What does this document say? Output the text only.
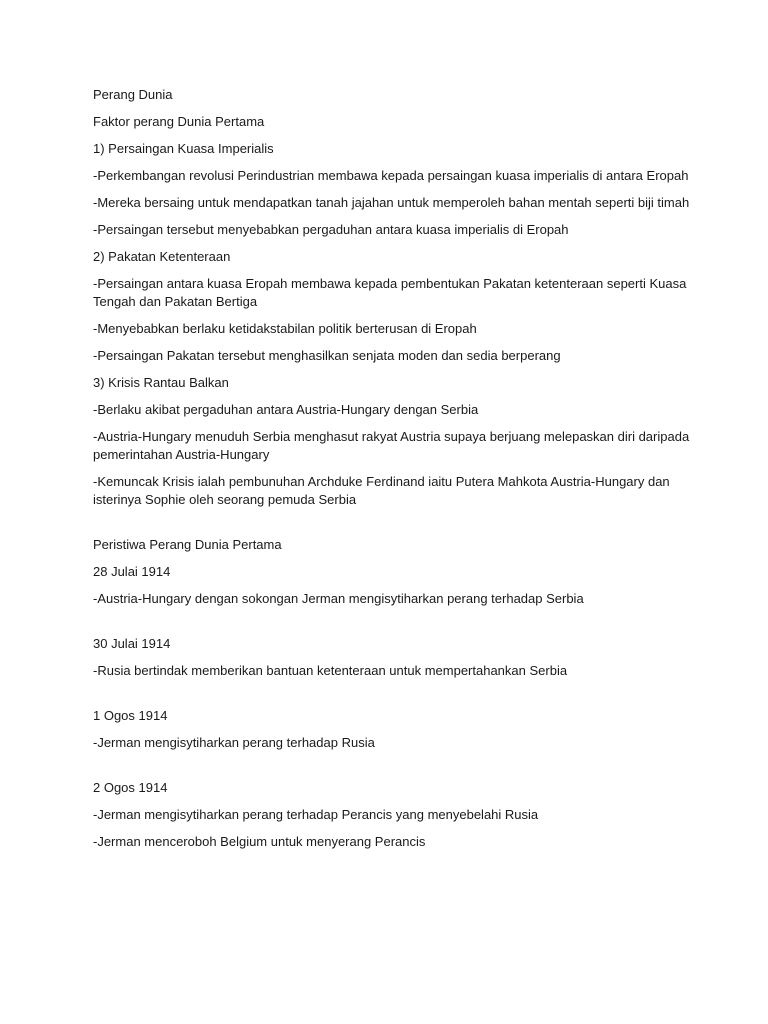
Perang Dunia

Faktor perang Dunia Pertama

1) Persaingan Kuasa Imperialis

-Perkembangan revolusi Perindustrian membawa kepada persaingan kuasa imperialis di antara Eropah

-Mereka bersaing untuk mendapatkan tanah jajahan untuk memperoleh bahan mentah seperti biji timah

-Persaingan tersebut menyebabkan pergaduhan antara kuasa imperialis di Eropah

2) Pakatan Ketenteraan

-Persaingan antara kuasa Eropah membawa kepada pembentukan Pakatan ketenteraan seperti Kuasa Tengah dan Pakatan Bertiga

-Menyebabkan berlaku ketidakstabilan politik berterusan di Eropah

-Persaingan Pakatan tersebut menghasilkan senjata moden dan sedia berperang

3) Krisis Rantau Balkan

-Berlaku akibat pergaduhan antara Austria-Hungary dengan Serbia

-Austria-Hungary menuduh Serbia menghasut rakyat Austria supaya berjuang melepaskan diri daripada pemerintahan Austria-Hungary

-Kemuncak Krisis ialah pembunuhan Archduke Ferdinand iaitu Putera Mahkota Austria-Hungary dan isterinya Sophie oleh seorang pemuda Serbia

Peristiwa Perang Dunia Pertama

28 Julai 1914

-Austria-Hungary dengan sokongan Jerman mengisytiharkan perang terhadap Serbia

30 Julai 1914

-Rusia bertindak memberikan bantuan ketenteraan untuk mempertahankan Serbia

1 Ogos 1914

-Jerman mengisytiharkan perang terhadap Rusia

2 Ogos 1914

-Jerman mengisytiharkan perang terhadap Perancis yang menyebelahi Rusia

-Jerman menceroboh Belgium untuk menyerang Perancis
